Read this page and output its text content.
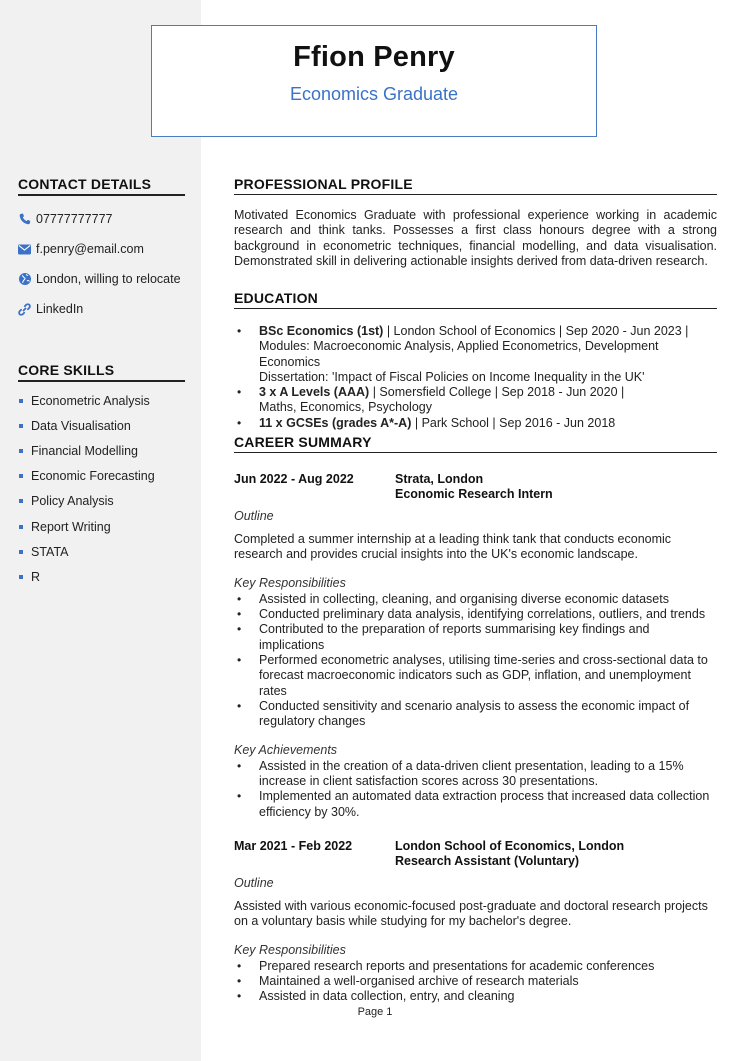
Ffion Penry
Economics Graduate
CONTACT DETAILS
07777777777
f.penry@email.com
London, willing to relocate
LinkedIn
CORE SKILLS
Econometric Analysis
Data Visualisation
Financial Modelling
Economic Forecasting
Policy Analysis
Report Writing
STATA
R
PROFESSIONAL PROFILE
Motivated Economics Graduate with professional experience working in academic research and think tanks. Possesses a first class honours degree with a strong background in econometric techniques, financial modelling, and data visualisation. Demonstrated skill in delivering actionable insights derived from data-driven research.
EDUCATION
• BSc Economics (1st) | London School of Economics | Sep 2020 - Jun 2023 |
Modules: Macroeconomic Analysis, Applied Econometrics, Development Economics
Dissertation: 'Impact of Fiscal Policies on Income Inequality in the UK'
• 3 x A Levels (AAA) | Somersfield College | Sep 2018 - Jun 2020 |
Maths, Economics, Psychology
• 11 x GCSEs (grades A*-A) | Park School | Sep 2016 - Jun 2018
CAREER SUMMARY
Jun 2022 - Aug 2022	Strata, London
Economic Research Intern
Outline
Completed a summer internship at a leading think tank that conducts economic research and provides crucial insights into the UK's economic landscape.
Key Responsibilities
• Assisted in collecting, cleaning, and organising diverse economic datasets
• Conducted preliminary data analysis, identifying correlations, outliers, and trends
• Contributed to the preparation of reports summarising key findings and implications
• Performed econometric analyses, utilising time-series and cross-sectional data to forecast macroeconomic indicators such as GDP, inflation, and unemployment rates
• Conducted sensitivity and scenario analysis to assess the economic impact of regulatory changes
Key Achievements
• Assisted in the creation of a data-driven client presentation, leading to a 15% increase in client satisfaction scores across 30 presentations.
• Implemented an automated data extraction process that increased data collection efficiency by 30%.
Mar 2021 - Feb 2022	London School of Economics, London
Research Assistant (Voluntary)
Outline
Assisted with various economic-focused post-graduate and doctoral research projects on a voluntary basis while studying for my bachelor's degree.
Key Responsibilities
• Prepared research reports and presentations for academic conferences
• Maintained a well-organised archive of research materials
• Assisted in data collection, entry, and cleaning
Page 1
